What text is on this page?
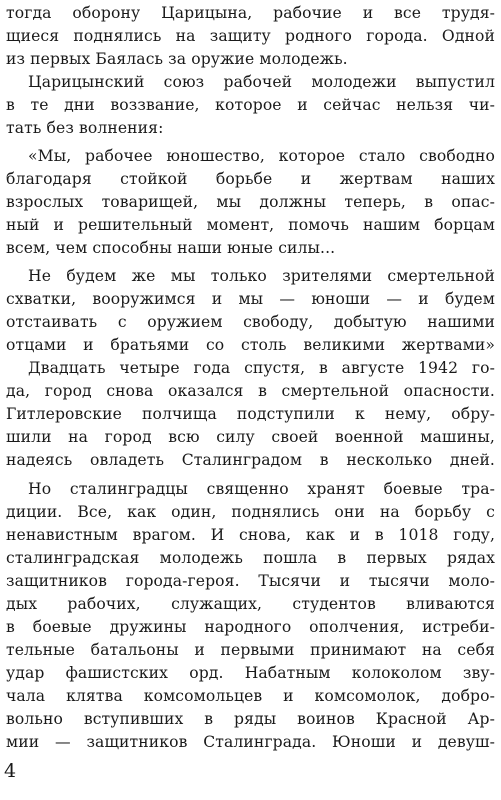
тогда оборону Царицына, рабочие и все трудя-
щиеся поднялись на защиту родного города. Одной
из первых Баялась за оружие молодежь.
Царицынский союз рабочей молодежи выпустил
в те дни воззвание, которое и сейчас нельзя чи-
тать без волнения:
«Мы, рабочее юношество, которое стало свободно
благодаря стойкой борьбе и жертвам наших
взрослых товарищей, мы должны теперь, в опас-
ный и решительный момент, помочь нашим борцам
всем, чем способны наши юные силы...
Не будем же мы только зрителями смертельной
схватки, вооружимся и мы — юноши — и будем
отстаивать с оружием свободу, добытую нашими
отцами и братьями со столь великими жертвами»
Двадцать четыре года спустя, в августе 1942 го-
да, город снова оказался в смертельной опасности.
Гитлеровские полчища подступили к нему, обру-
шили на город всю силу своей военной машины,
надеясь овладеть Сталинградом в несколько дней.
Но сталинградцы священно хранят боевые тра-
диции. Все, как один, поднялись они на борьбу с
ненавистным врагом. И снова, как и в 1018 году,
сталинградская молодежь пошла в первых рядах
защитников города-героя. Тысячи и тысячи моло-
дых рабочих, служащих, студентов вливаются
в боевые дружины народного ополчения, истреби-
тельные батальоны и первыми принимают на себя
удар фашистских орд. Набатным колоколом зву-
чала клятва комсомольцев и комсомолок, добро-
вольно вступивших в ряды воинов Красной Ар-
мии — защитников Сталинграда. Юноши и девуш-
4
